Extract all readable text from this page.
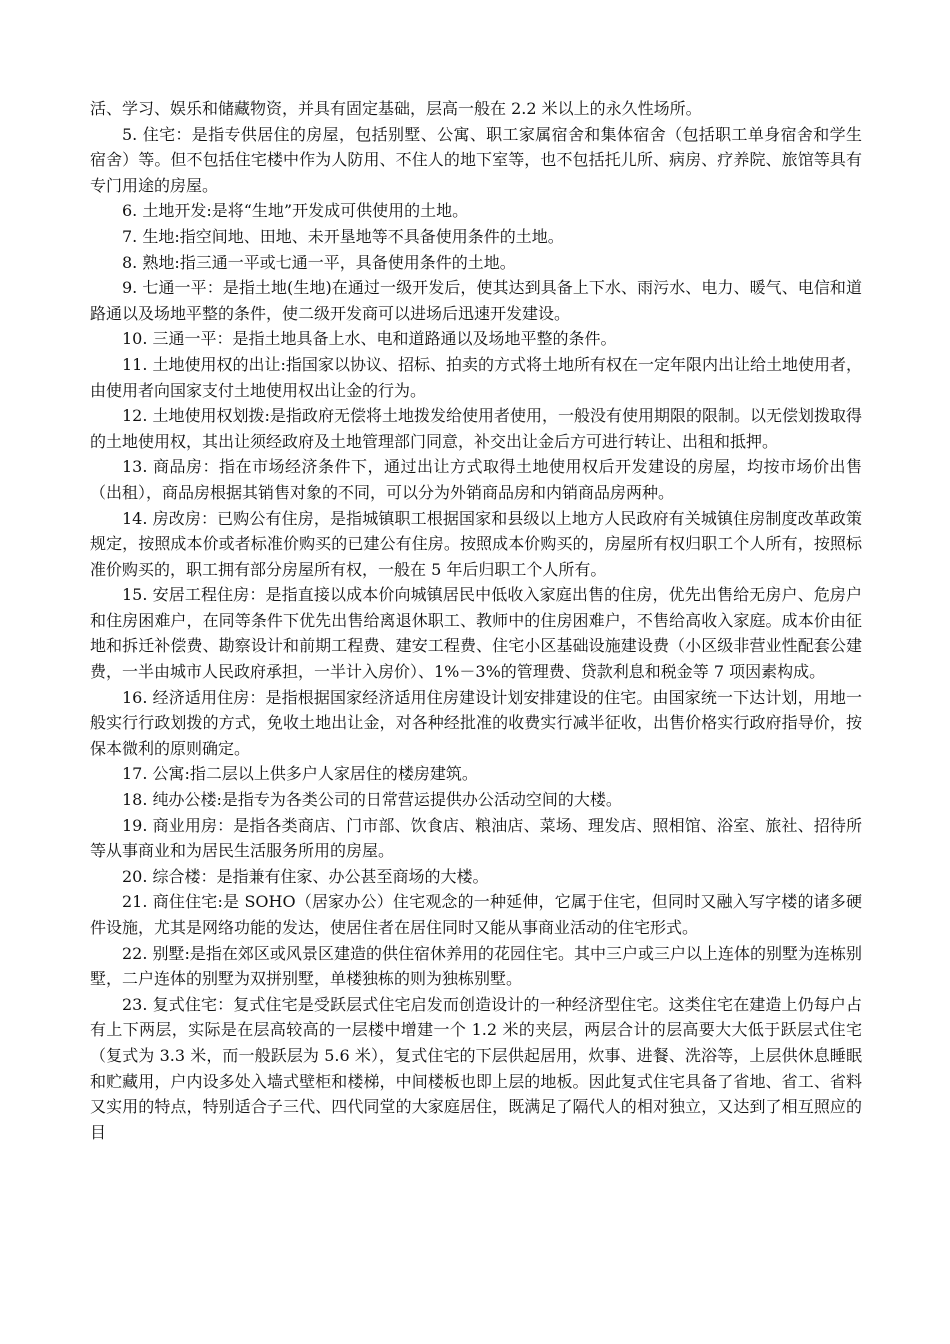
活、学习、娱乐和储藏物资，并具有固定基础，层高一般在 2.2 米以上的永久性场所。

5. 住宅：是指专供居住的房屋，包括别墅、公寓、职工家属宿舍和集体宿舍（包括职工单身宿舍和学生宿舍）等。但不包括住宅楼中作为人防用、不住人的地下室等，也不包括托儿所、病房、疗养院、旅馆等具有专门用途的房屋。

6. 土地开发:是将“生地”开发成可供使用的土地。

7. 生地:指空间地、田地、未开垦地等不具备使用条件的土地。

8. 熟地:指三通一平或七通一平，具备使用条件的土地。

9. 七通一平：是指土地(生地)在通过一级开发后，使其达到具备上下水、雨污水、电力、暖气、电信和道路通以及场地平整的条件，使二级开发商可以进场后迅速开发建设。

10. 三通一平：是指土地具备上水、电和道路通以及场地平整的条件。

11. 土地使用权的出让:指国家以协议、招标、拍卖的方式将土地所有权在一定年限内出让给土地使用者，由使用者向国家支付土地使用权出让金的行为。

12. 土地使用权划拨:是指政府无偿将土地拨发给使用者使用，一般没有使用期限的限制。以无偿划拨取得的土地使用权，其出让须经政府及土地管理部门同意，补交出让金后方可进行转让、出租和抵押。

13. 商品房：指在市场经济条件下，通过出让方式取得土地使用权后开发建设的房屋，均按市场价出售（出租），商品房根据其销售对象的不同，可以分为外销商品房和内销商品房两种。

14. 房改房：已购公有住房，是指城镇职工根据国家和县级以上地方人民政府有关城镇住房制度改革政策规定，按照成本价或者标准价购买的已建公有住房。按照成本价购买的，房屋所有权归职工个人所有，按照标准价购买的，职工拥有部分房屋所有权，一般在 5 年后归职工个人所有。

15. 安居工程住房：是指直接以成本价向城镇居民中低收入家庭出售的住房，优先出售给无房户、危房户和住房困难户，在同等条件下优先出售给离退休职工、教师中的住房困难户，不售给高收入家庭。成本价由征地和拆迁补偿费、勘察设计和前期工程费、建安工程费、住宅小区基础设施建设费（小区级非营业性配套公建费，一半由城市人民政府承担，一半计入房价）、1%－3%的管理费、贷款利息和税金等 7 项因素构成。

16. 经济适用住房：是指根据国家经济适用住房建设计划安排建设的住宅。由国家统一下达计划，用地一般实行行政划拨的方式，免收土地出让金，对各种经批准的收费实行减半征收，出售价格实行政府指导价，按保本微利的原则确定。

17. 公寓:指二层以上供多户人家居住的楼房建筑。

18. 纯办公楼:是指专为各类公司的日常营运提供办公活动空间的大楼。

19. 商业用房：是指各类商店、门市部、饮食店、粮油店、菜场、理发店、照相馆、浴室、旅社、招待所等从事商业和为居民生活服务所用的房屋。

20. 综合楼：是指兼有住家、办公甚至商场的大楼。

21. 商住住宅:是 SOHO（居家办公）住宅观念的一种延伸，它属于住宅，但同时又融入写字楼的诸多硬件设施，尤其是网络功能的发达，使居住者在居住同时又能从事商业活动的住宅形式。

22. 别墅:是指在郊区或风景区建造的供住宿休养用的花园住宅。其中三户或三户以上连体的别墅为连栋别墅，二户连体的别墅为双拼别墅，单楼独栋的则为独栋别墅。

23. 复式住宅：复式住宅是受跃层式住宅启发而创造设计的一种经济型住宅。这类住宅在建造上仍每户占有上下两层，实际是在层高较高的一层楼中增建一个 1.2 米的夹层，两层合计的层高要大大低于跃层式住宅（复式为 3.3 米，而一般跃层为 5.6 米），复式住宅的下层供起居用，炊事、进餐、洗浴等，上层供休息睡眠和贮藏用，户内设多处入墙式壁柜和楼梯，中间楼板也即上层的地板。因此复式住宅具备了省地、省工、省料又实用的特点，特别适合子三代、四代同堂的大家庭居住，既满足了隔代人的相对独立，又达到了相互照应的目
